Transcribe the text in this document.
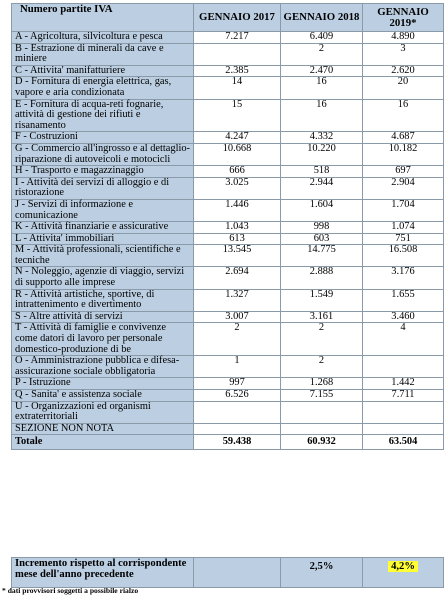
Numero partite IVA	GENNAIO 2017	GENNAIO 2018	GENNAIO 2019*
A - Agricoltura, silvicoltura e pesca	7.217	6.409	4.890
B - Estrazione di minerali da cave e miniere		2	3
C - Attivita' manifatturiere	2.385	2.470	2.620
D - Fornitura di energia elettrica, gas, vapore e aria condizionata	14	16	20
E - Fornitura di acqua-reti fognarie, attività di gestione dei rifiuti e risanamento	15	16	16
F - Costruzioni	4.247	4.332	4.687
G - Commercio all'ingrosso e al dettaglio-riparazione di autoveicoli e motocicli	10.668	10.220	10.182
H - Trasporto e magazzinaggio	666	518	697
I - Attività dei servizi di alloggio e di ristorazione	3.025	2.944	2.904
J - Servizi di informazione e comunicazione	1.446	1.604	1.704
K - Attività finanziarie e assicurative	1.043	998	1.074
L - Attivita' immobiliari	613	603	751
M - Attività professionali, scientifiche e tecniche	13.545	14.775	16.508
N - Noleggio, agenzie di viaggio, servizi di supporto alle imprese	2.694	2.888	3.176
R - Attività artistiche, sportive, di intrattenimento e divertimento	1.327	1.549	1.655
S - Altre attività di servizi	3.007	3.161	3.460
T - Attività di famiglie e convivenze come datori di lavoro per personale domestico-produzione di be	2	2	4
O - Amministrazione pubblica e difesa-assicurazione sociale obbligatoria	1	2	
P - Istruzione	997	1.268	1.442
Q - Sanita' e assistenza sociale	6.526	7.155	7.711
U - Organizzazioni ed organismi extraterritoriali			
SEZIONE NON NOTA			
Totale	59.438	60.932	63.504
Incremento rispetto al corrispondente mese dell'anno precedente		2,5%	4,2%
* dati provvisori soggetti a possibile rialzo
